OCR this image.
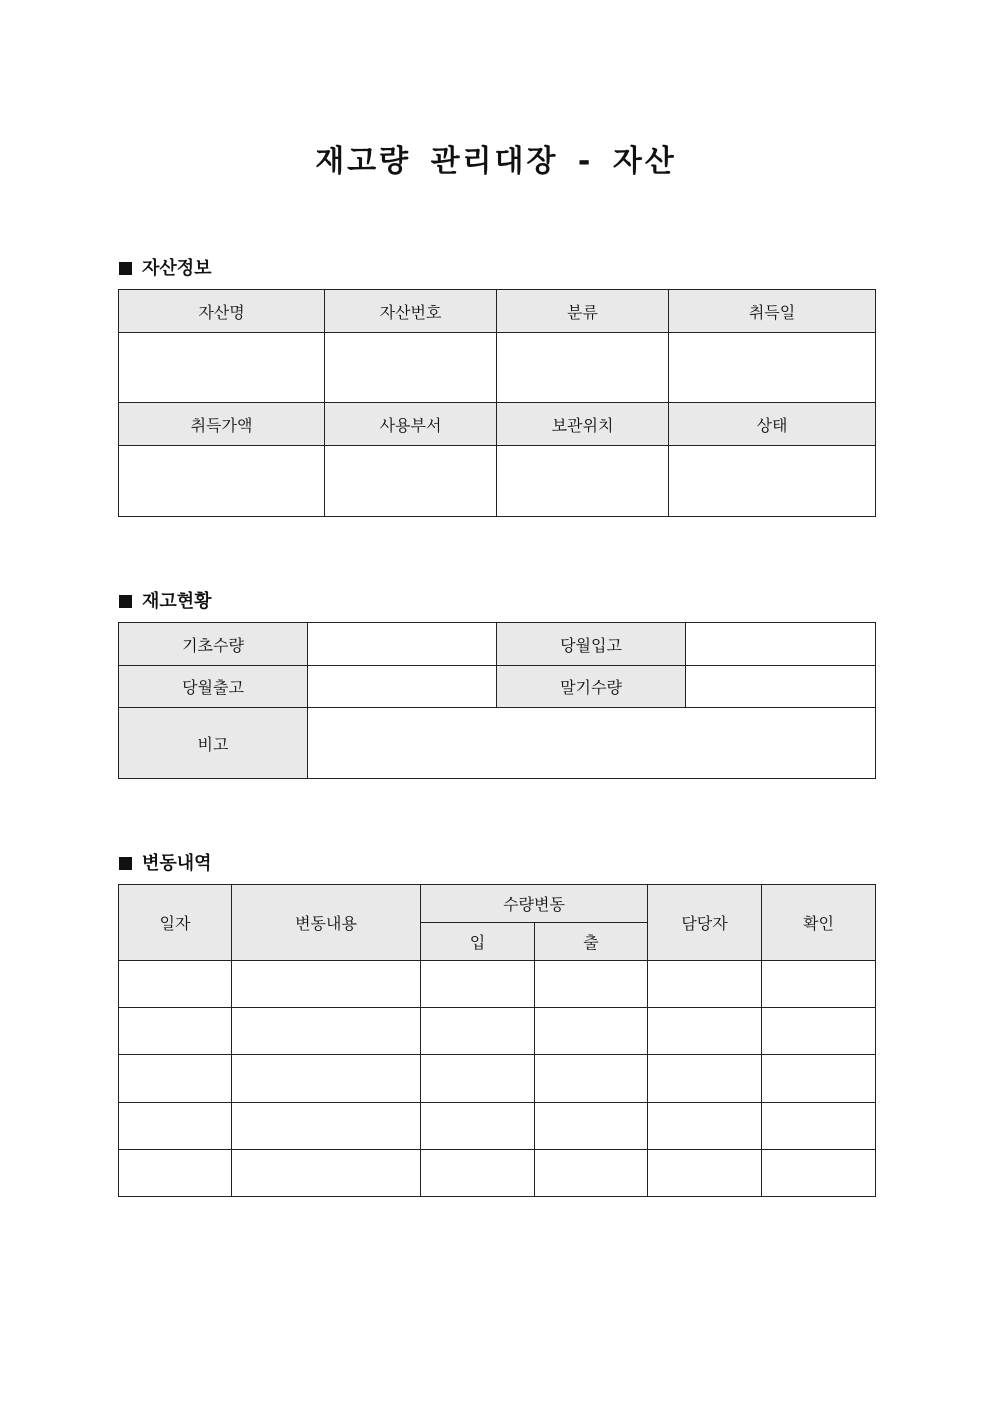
재고량 관리대장 - 자산
자산정보
자산명	자산번호	분류	취득일

취득가액	사용부서	보관위치	상태

재고현황
기초수량		당월입고	
당월출고		말기수량	
비고			
변동내역
일자	변동내용	수량변동		담당자	확인
		입	출		
